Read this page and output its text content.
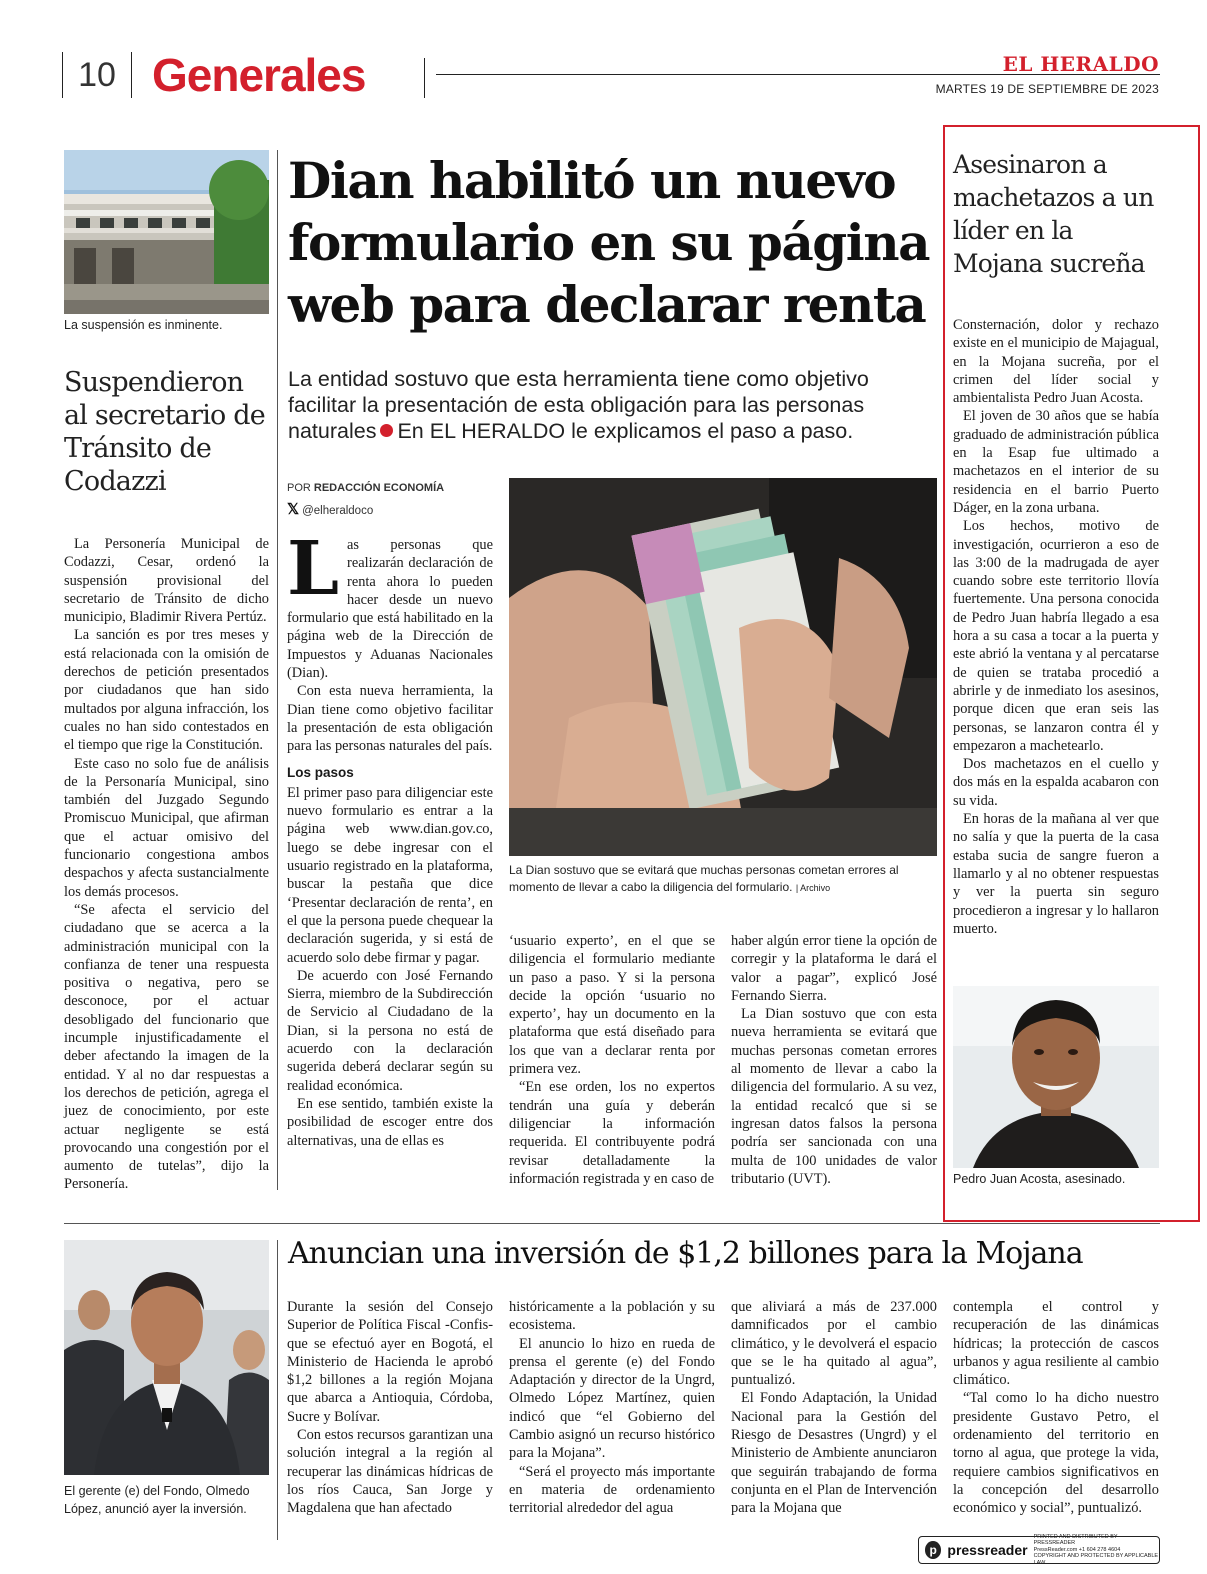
10 Generales	EL HERALDO
MARTES 19 DE SEPTIEMBRE DE 2023
La suspensión es inminente.
Suspendieron al secretario de Tránsito de Codazzi

La Personería Municipal de Codazzi, Cesar, ordenó la suspensión provisional del secretario de Tránsito de dicho municipio, Bladimir Rivera Pertúz.

La sanción es por tres meses y está relacionada con la omisión de derechos de petición presentados por ciudadanos que han sido multados por alguna infracción, los cuales no han sido contestados en el tiempo que rige la Constitución.

Este caso no solo fue de análisis de la Personaría Municipal, sino también del Juzgado Segundo Promiscuo Municipal, que afirman que el actuar omisivo del funcionario congestiona ambos despachos y afecta sustancialmente los demás procesos.

“Se afecta el servicio del ciudadano que se acerca a la administración municipal con la confianza de tener una respuesta positiva o negativa, pero se desconoce, por el actuar desobligado del funcionario que incumple injustificadamente el deber afectando la imagen de la entidad. Y al no dar respuestas a los derechos de petición, agrega el juez de conocimiento, por este actuar negligente se está provocando una congestión por el aumento de tutelas”, dijo la Personería.

Dian habilitó un nuevo formulario en su página web para declarar renta
La entidad sostuvo que esta herramienta tiene como objetivo facilitar la presentación de esta obligación para las personas naturales En EL HERALDO le explicamos el paso a paso.
POR REDACCIÓN ECONOMÍA
𝕏 @elheraldoco

Las personas que realizarán declaración de renta ahora lo pueden hacer desde un nuevo formulario que está habilitado en la página web de la Dirección de Impuestos y Aduanas Nacionales (Dian).

Con esta nueva herramienta, la Dian tiene como objetivo facilitar la presentación de esta obligación para las personas naturales del país.

Los pasos

El primer paso para diligenciar este nuevo formulario es entrar a la página web www.dian.gov.co, luego se debe ingresar con el usuario registrado en la plataforma, buscar la pestaña que dice ‘Presentar declaración de renta’, en el que la persona puede chequear la declaración sugerida, y si está de acuerdo solo debe firmar y pagar.

De acuerdo con José Fernando Sierra, miembro de la Subdirección de Servicio al Ciudadano de la Dian, si la persona no está de acuerdo con la declaración sugerida deberá declarar según su realidad económica.

En ese sentido, también existe la posibilidad de escoger entre dos alternativas, una de ellas es

La Dian sostuvo que se evitará que muchas personas cometan errores al momento de llevar a cabo la diligencia del formulario. | Archivo

‘usuario experto’, en el que se diligencia el formulario mediante un paso a paso. Y si la persona decide la opción ‘usuario no experto’, hay un documento en la plataforma que está diseñado para los que van a declarar renta por primera vez.

“En ese orden, los no expertos tendrán una guía y deberán diligenciar la información requerida. El contribuyente podrá revisar detalladamente la información registrada y en caso de

haber algún error tiene la opción de corregir y la plataforma le dará el valor a pagar”, explicó José Fernando Sierra.

La Dian sostuvo que con esta nueva herramienta se evitará que muchas personas cometan errores al momento de llevar a cabo la diligencia del formulario. A su vez, la entidad recalcó que si se ingresan datos falsos la persona podría ser sancionada con una multa de 100 unidades de valor tributario (UVT).

Asesinaron a machetazos a un líder en la Mojana sucreña

Consternación, dolor y rechazo existe en el municipio de Majagual, en la Mojana sucreña, por el crimen del líder social y ambientalista Pedro Juan Acosta.

El joven de 30 años que se había graduado de administración pública en la Esap fue ultimado a machetazos en el interior de su residencia en el barrio Puerto Dáger, en la zona urbana.

Los hechos, motivo de investigación, ocurrieron a eso de las 3:00 de la madrugada de ayer cuando sobre este territorio llovía fuertemente. Una persona conocida de Pedro Juan habría llegado a esa hora a su casa a tocar a la puerta y este abrió la ventana y al percatarse de quien se trataba procedió a abrirle y de inmediato los asesinos, porque dicen que eran seis las personas, se lanzaron contra él y empezaron a machetearlo.

Dos machetazos en el cuello y dos más en la espalda acabaron con su vida.

En horas de la mañana al ver que no salía y que la puerta de la casa estaba sucia de sangre fueron a llamarlo y al no obtener respuestas y ver la puerta sin seguro procedieron a ingresar y lo hallaron muerto.

Pedro Juan Acosta, asesinado.
El gerente (e) del Fondo, Olmedo López, anunció ayer la inversión.
Anuncian una inversión de $1,2 billones para la Mojana

Durante la sesión del Consejo Superior de Política Fiscal -Confis- que se efectuó ayer en Bogotá, el Ministerio de Hacienda le aprobó $1,2 billones a la región Mojana que abarca a Antioquia, Córdoba, Sucre y Bolívar.

Con estos recursos garantizan una solución integral a la región al recuperar las dinámicas hídricas de los ríos Cauca, San Jorge y Magdalena que han afectado

históricamente a la población y su ecosistema.

El anuncio lo hizo en rueda de prensa el gerente (e) del Fondo Adaptación y director de la Ungrd, Olmedo López Martínez, quien indicó que “el Gobierno del Cambio asignó un recurso histórico para la Mojana”.

“Será el proyecto más importante en materia de ordenamiento territorial alrededor del agua

que aliviará a más de 237.000 damnificados por el cambio climático, y le devolverá el espacio que se le ha quitado al agua”, puntualizó.

El Fondo Adaptación, la Unidad Nacional para la Gestión del Riesgo de Desastres (Ungrd) y el Ministerio de Ambiente anunciaron que seguirán trabajando de forma conjunta en el Plan de Intervención para la Mojana que

contempla el control y recuperación de las dinámicas hídricas; la protección de cascos urbanos y agua resiliente al cambio climático.

“Tal como lo ha dicho nuestro presidente Gustavo Petro, el ordenamiento del territorio en torno al agua, que protege la vida, requiere cambios significativos en la concepción del desarrollo económico y social”, puntualizó.

p pressreader
PRINTED AND DISTRIBUTED BY PRESSREADER
PressReader.com +1 604 278 4604
COPYRIGHT AND PROTECTED BY APPLICABLE LAW
